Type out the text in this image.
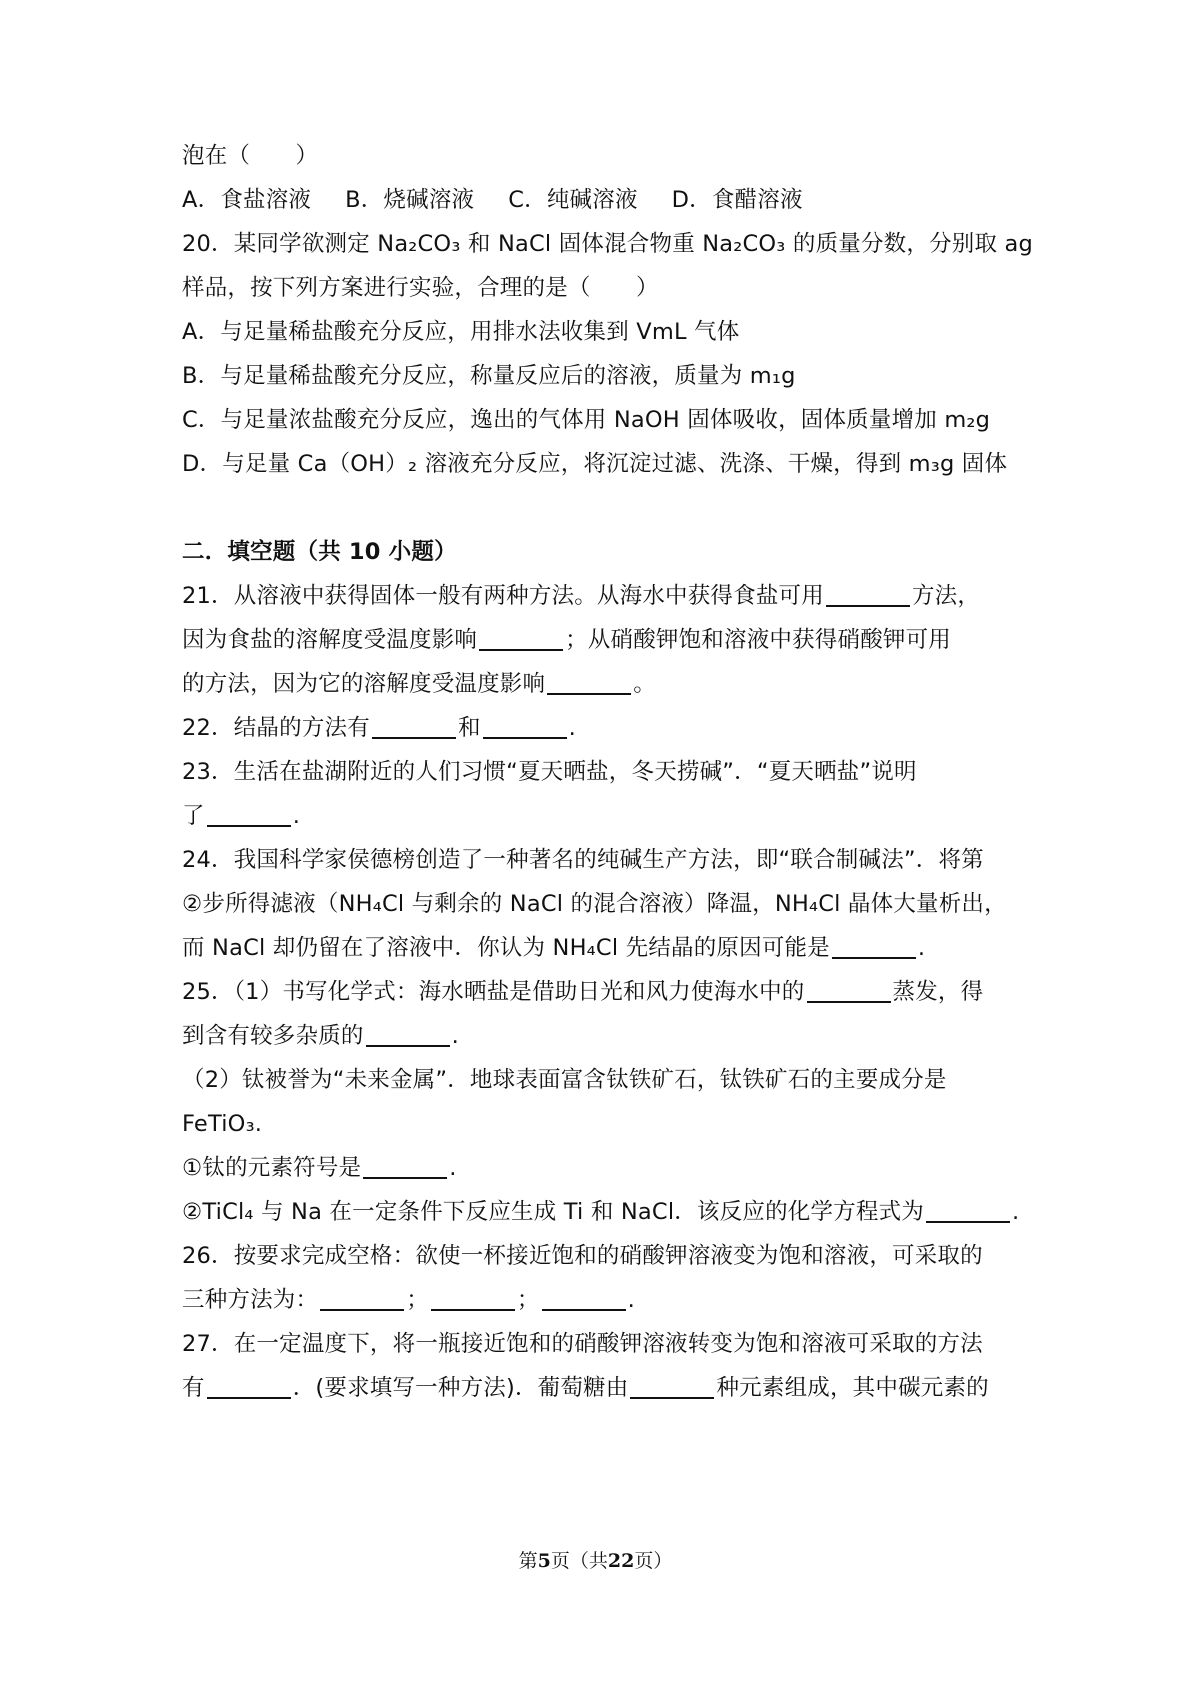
泡在（　　）
A．食盐溶液 B．烧碱溶液 C．纯碱溶液 D．食醋溶液
20．某同学欲测定 Na₂CO₃ 和 NaCl 固体混合物重 Na₂CO₃ 的质量分数，分别取 ag
样品，按下列方案进行实验，合理的是（　　）
A．与足量稀盐酸充分反应，用排水法收集到 VmL 气体
B．与足量稀盐酸充分反应，称量反应后的溶液，质量为 m₁g
C．与足量浓盐酸充分反应，逸出的气体用 NaOH 固体吸收，固体质量增加 m₂g
D．与足量 Ca（OH）₂ 溶液充分反应，将沉淀过滤、洗涤、干燥，得到 m₃g 固体
二．填空题（共 10 小题）
21．从溶液中获得固体一般有两种方法。从海水中获得食盐可用	方法，
因为食盐的溶解度受温度影响	；从硝酸钾饱和溶液中获得硝酸钾可用
的方法，因为它的溶解度受温度影响	。
22．结晶的方法有	和	.
23．生活在盐湖附近的人们习惯“夏天晒盐，冬天捞碱”．“夏天晒盐”说明
了	.
24．我国科学家侯德榜创造了一种著名的纯碱生产方法，即“联合制碱法”．将第
②步所得滤液（NH₄Cl 与剩余的 NaCl 的混合溶液）降温，NH₄Cl 晶体大量析出，
而 NaCl 却仍留在了溶液中．你认为 NH₄Cl 先结晶的原因可能是	.
25．（1）书写化学式：海水晒盐是借助日光和风力使海水中的	蒸发，得
到含有较多杂质的	.
（2）钛被誉为“未来金属”．地球表面富含钛铁矿石，钛铁矿石的主要成分是
FeTiO₃.
①钛的元素符号是	.
②TiCl₄ 与 Na 在一定条件下反应生成 Ti 和 NaCl．该反应的化学方程式为	.
26．按要求完成空格：欲使一杯接近饱和的硝酸钾溶液变为饱和溶液，可采取的
三种方法为：	；	；	.
27．在一定温度下，将一瓶接近饱和的硝酸钾溶液转变为饱和溶液可采取的方法
有	．(要求填写一种方法)．葡萄糖由	种元素组成，其中碳元素的
第5页（共22页）
